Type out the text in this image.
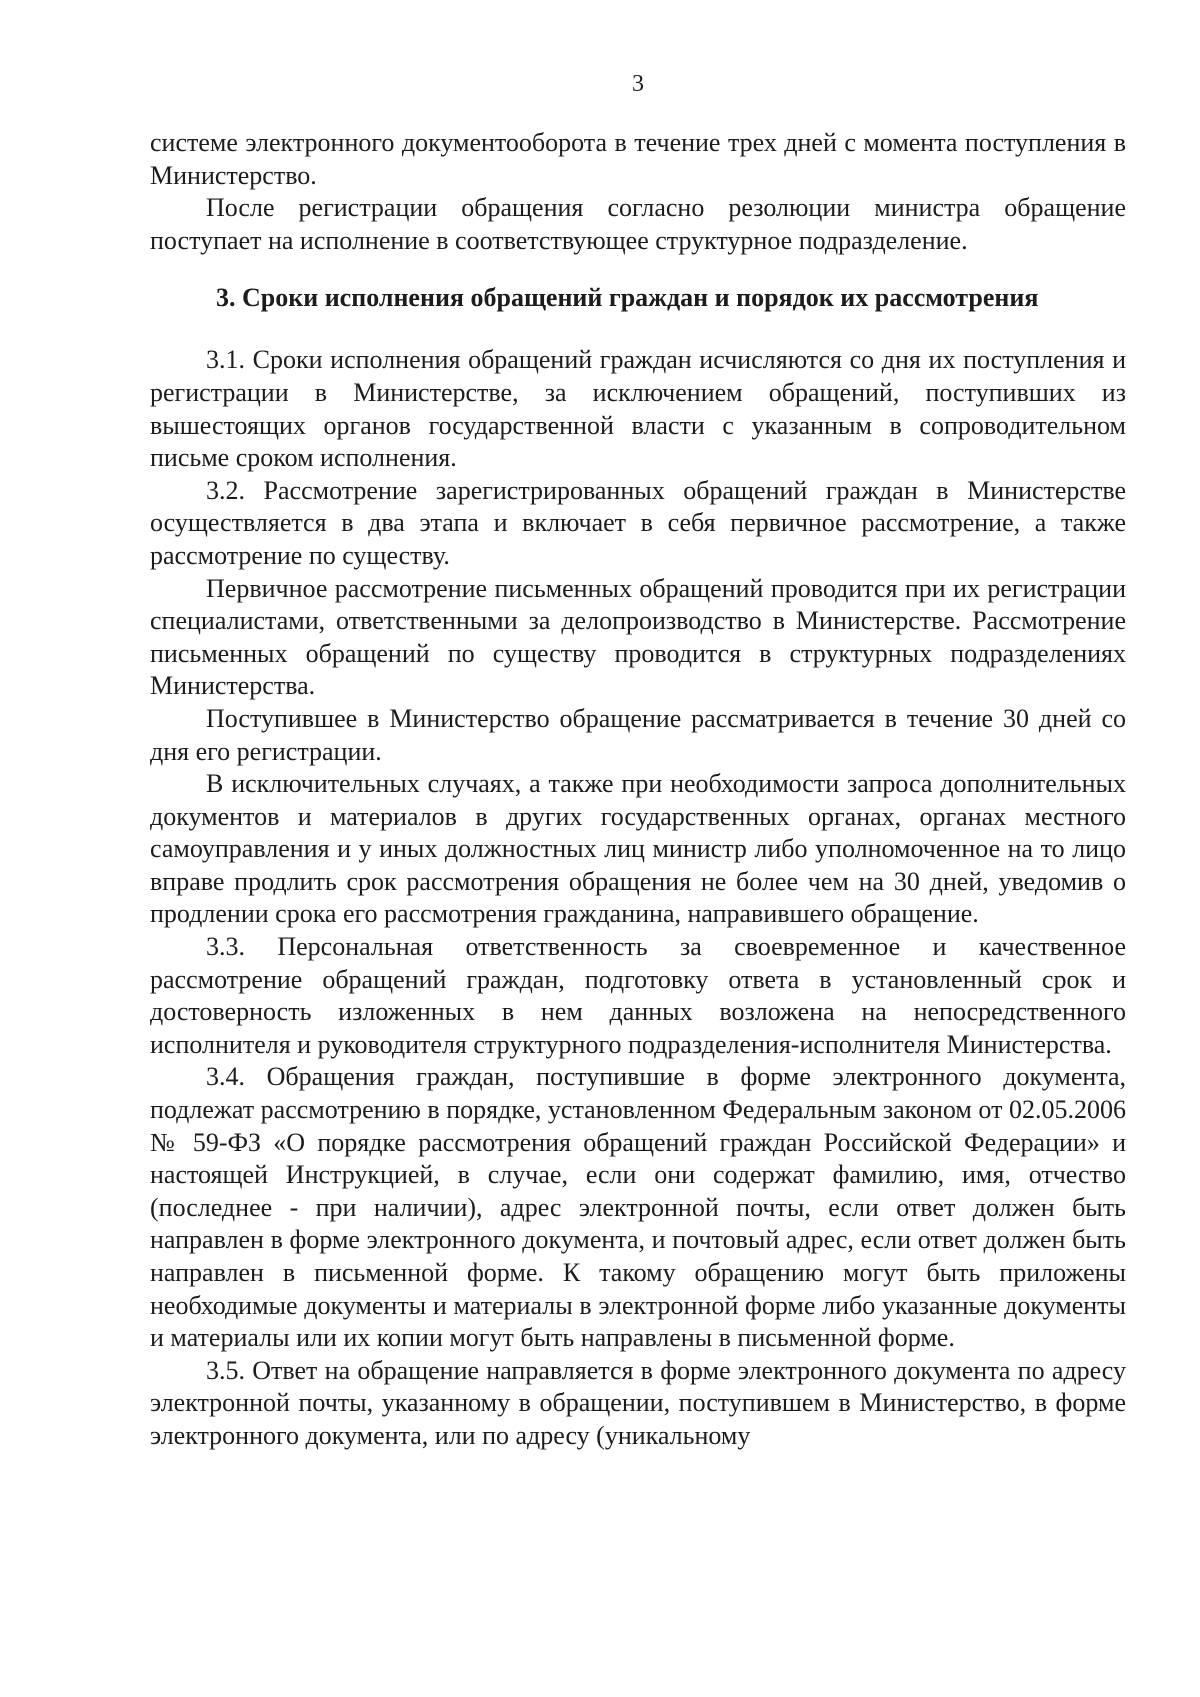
3

системе электронного документооборота в течение трех дней с момента поступления в Министерство.

После регистрации обращения согласно резолюции министра обращение поступает на исполнение в соответствующее структурное подразделение.

3. Сроки исполнения обращений граждан и порядок их рассмотрения

3.1. Сроки исполнения обращений граждан исчисляются со дня их поступления и регистрации в Министерстве, за исключением обращений, поступивших из вышестоящих органов государственной власти с указанным в сопроводительном письме сроком исполнения.

3.2. Рассмотрение зарегистрированных обращений граждан в Министерстве осуществляется в два этапа и включает в себя первичное рассмотрение, а также рассмотрение по существу.

Первичное рассмотрение письменных обращений проводится при их регистрации специалистами, ответственными за делопроизводство в Министерстве. Рассмотрение письменных обращений по существу проводится в структурных подразделениях Министерства.

Поступившее в Министерство обращение рассматривается в течение 30 дней со дня его регистрации.

В исключительных случаях, а также при необходимости запроса дополнительных документов и материалов в других государственных органах, органах местного самоуправления и у иных должностных лиц министр либо уполномоченное на то лицо вправе продлить срок рассмотрения обращения не более чем на 30 дней, уведомив о продлении срока его рассмотрения гражданина, направившего обращение.

3.3. Персональная ответственность за своевременное и качественное рассмотрение обращений граждан, подготовку ответа в установленный срок и достоверность изложенных в нем данных возложена на непосредственного исполнителя и руководителя структурного подразделения-исполнителя Министерства.

3.4. Обращения граждан, поступившие в форме электронного документа, подлежат рассмотрению в порядке, установленном Федеральным законом от 02.05.2006 № 59-ФЗ «О порядке рассмотрения обращений граждан Российской Федерации» и настоящей Инструкцией, в случае, если они содержат фамилию, имя, отчество (последнее - при наличии), адрес электронной почты, если ответ должен быть направлен в форме электронного документа, и почтовый адрес, если ответ должен быть направлен в письменной форме. К такому обращению могут быть приложены необходимые документы и материалы в электронной форме либо указанные документы и материалы или их копии могут быть направлены в письменной форме.

3.5. Ответ на обращение направляется в форме электронного документа по адресу электронной почты, указанному в обращении, поступившем в Министерство, в форме электронного документа, или по адресу (уникальному
